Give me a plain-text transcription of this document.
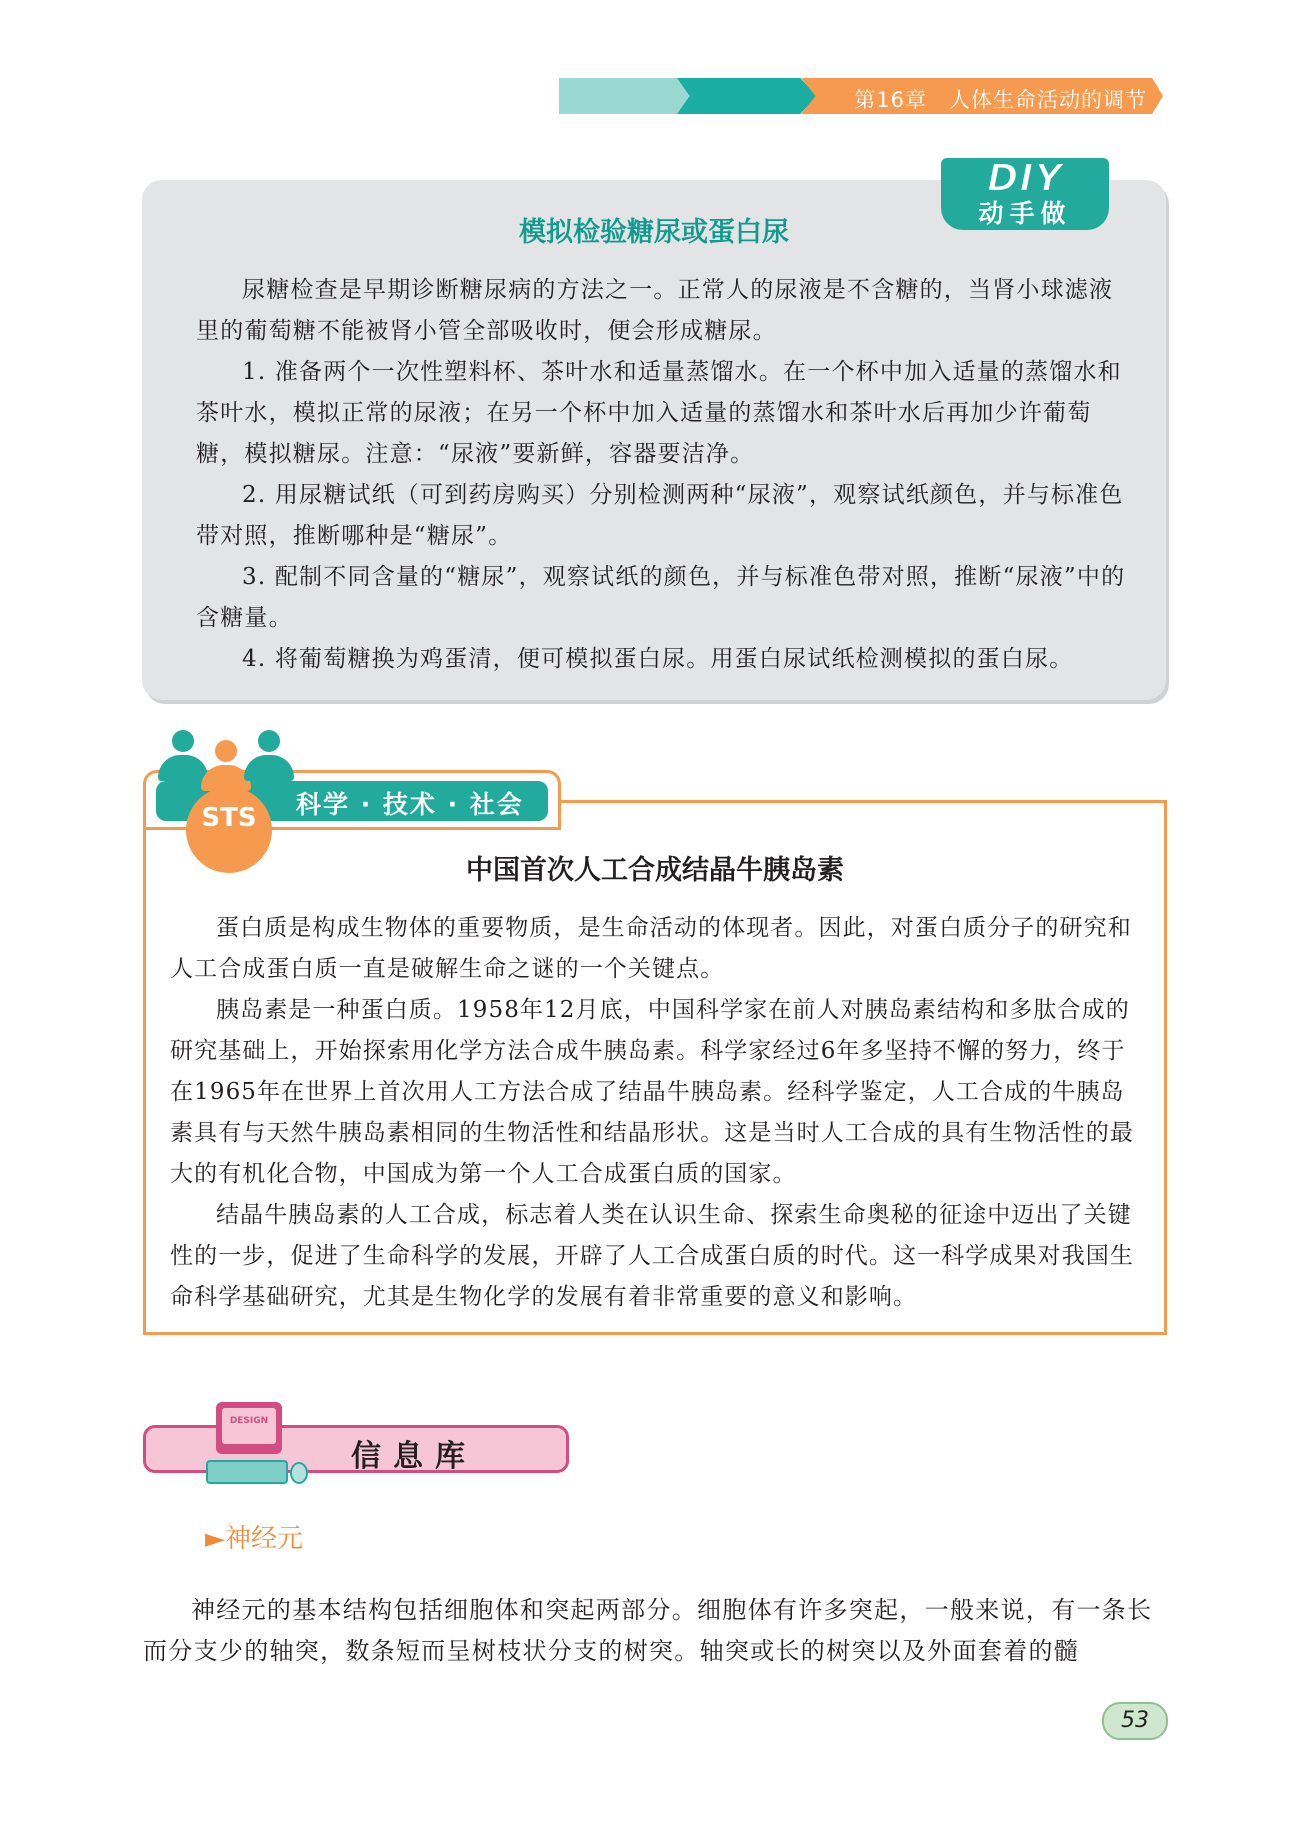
第16章 人体生命活动的调节
DIY
动手做
模拟检验糖尿或蛋白尿

尿糖检查是早期诊断糖尿病的方法之一。正常人的尿液是不含糖的，当肾小球滤液里的葡萄糖不能被肾小管全部吸收时，便会形成糖尿。

1. 准备两个一次性塑料杯、茶叶水和适量蒸馏水。在一个杯中加入适量的蒸馏水和茶叶水，模拟正常的尿液；在另一个杯中加入适量的蒸馏水和茶叶水后再加少许葡萄糖，模拟糖尿。注意：“尿液”要新鲜，容器要洁净。

2. 用尿糖试纸（可到药房购买）分别检测两种“尿液”，观察试纸颜色，并与标准色带对照，推断哪种是“糖尿”。

3. 配制不同含量的“糖尿”，观察试纸的颜色，并与标准色带对照，推断“尿液”中的含糖量。

4. 将葡萄糖换为鸡蛋清，便可模拟蛋白尿。用蛋白尿试纸检测模拟的蛋白尿。

STS	科学 · 技术 · 社会
中国首次人工合成结晶牛胰岛素

蛋白质是构成生物体的重要物质，是生命活动的体现者。因此，对蛋白质分子的研究和人工合成蛋白质一直是破解生命之谜的一个关键点。

胰岛素是一种蛋白质。1958年12月底，中国科学家在前人对胰岛素结构和多肽合成的研究基础上，开始探索用化学方法合成牛胰岛素。科学家经过6年多坚持不懈的努力，终于在1965年在世界上首次用人工方法合成了结晶牛胰岛素。经科学鉴定，人工合成的牛胰岛素具有与天然牛胰岛素相同的生物活性和结晶形状。这是当时人工合成的具有生物活性的最大的有机化合物，中国成为第一个人工合成蛋白质的国家。

结晶牛胰岛素的人工合成，标志着人类在认识生命、探索生命奥秘的征途中迈出了关键性的一步，促进了生命科学的发展，开辟了人工合成蛋白质的时代。这一科学成果对我国生命科学基础研究，尤其是生物化学的发展有着非常重要的意义和影响。

信息库
DESIGN
►神经元

神经元的基本结构包括细胞体和突起两部分。细胞体有许多突起，一般来说，有一条长而分支少的轴突，数条短而呈树枝状分支的树突。轴突或长的树突以及外面套着的髓

53
